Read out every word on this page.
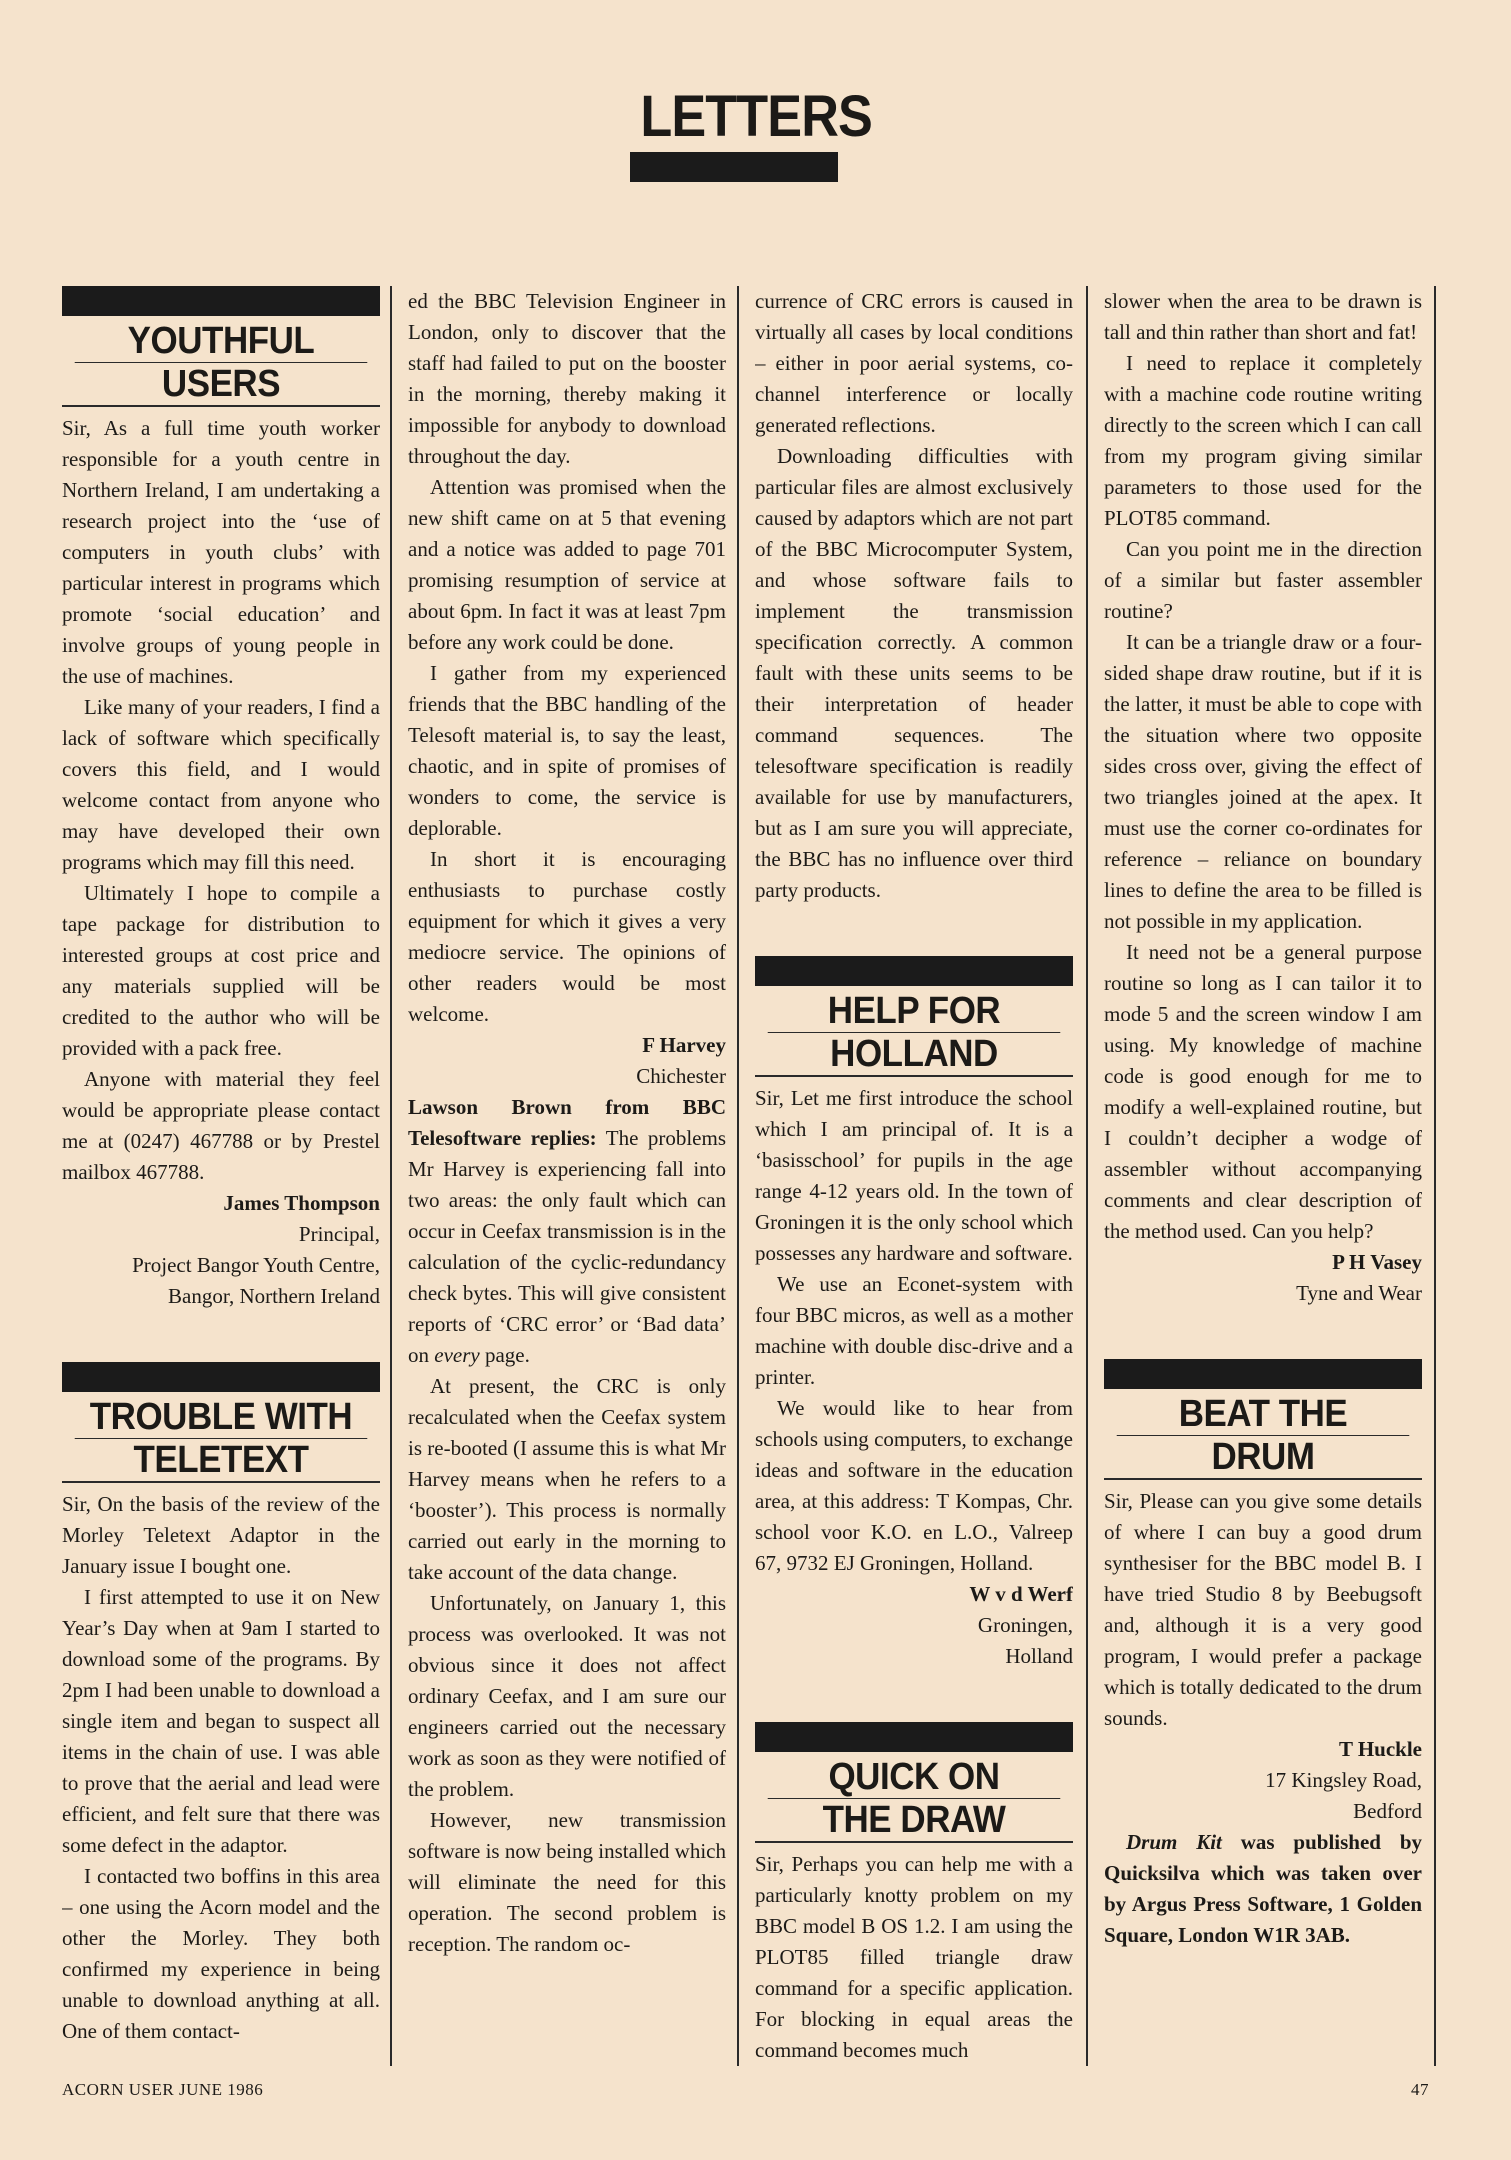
LETTERS
YOUTHFUL
USERS

Sir, As a full time youth worker responsible for a youth centre in Northern Ireland, I am undertaking a research project into the ‘use of computers in youth clubs’ with particular interest in programs which promote ‘social education’ and involve groups of young people in the use of machines.

Like many of your readers, I find a lack of software which specifically covers this field, and I would welcome contact from anyone who may have developed their own programs which may fill this need.

Ultimately I hope to compile a tape package for distribution to interested groups at cost price and any materials supplied will be credited to the author who will be provided with a pack free.

Anyone with material they feel would be appropriate please contact me at (0247) 467788 or by Prestel mailbox 467788.

James Thompson

Principal,

Project Bangor Youth Centre,

Bangor, Northern Ireland

TROUBLE WITH
TELETEXT

Sir, On the basis of the review of the Morley Teletext Adaptor in the January issue I bought one.

I first attempted to use it on New Year’s Day when at 9am I started to download some of the programs. By 2pm I had been unable to download a single item and began to suspect all items in the chain of use. I was able to prove that the aerial and lead were efficient, and felt sure that there was some defect in the adaptor.

I contacted two boffins in this area – one using the Acorn model and the other the Morley. They both confirmed my experience in being unable to download anything at all. One of them contact-

ed the BBC Television Engineer in London, only to discover that the staff had failed to put on the booster in the morning, thereby making it impossible for anybody to download throughout the day.

Attention was promised when the new shift came on at 5 that evening and a notice was added to page 701 promising resumption of service at about 6pm. In fact it was at least 7pm before any work could be done.

I gather from my experienced friends that the BBC handling of the Telesoft material is, to say the least, chaotic, and in spite of promises of wonders to come, the service is deplorable.

In short it is encouraging enthusiasts to purchase costly equipment for which it gives a very mediocre service. The opinions of other readers would be most welcome.

F Harvey

Chichester

Lawson Brown from BBC Telesoftware replies: The problems Mr Harvey is experiencing fall into two areas: the only fault which can occur in Ceefax transmission is in the calculation of the cyclic-redundancy check bytes. This will give consistent reports of ‘CRC error’ or ‘Bad data’ on every page.

At present, the CRC is only recalculated when the Ceefax system is re-booted (I assume this is what Mr Harvey means when he refers to a ‘booster’). This process is normally carried out early in the morning to take account of the data change.

Unfortunately, on January 1, this process was overlooked. It was not obvious since it does not affect ordinary Ceefax, and I am sure our engineers carried out the necessary work as soon as they were notified of the problem.

However, new transmission software is now being installed which will eliminate the need for this operation. The second problem is reception. The random oc-

currence of CRC errors is caused in virtually all cases by local conditions – either in poor aerial systems, co-channel interference or locally generated reflections.

Downloading difficulties with particular files are almost exclusively caused by adaptors which are not part of the BBC Microcomputer System, and whose software fails to implement the transmission specification correctly. A common fault with these units seems to be their interpretation of header command sequences. The telesoftware specification is readily available for use by manufacturers, but as I am sure you will appreciate, the BBC has no influence over third party products.

HELP FOR
HOLLAND

Sir, Let me first introduce the school which I am principal of. It is a ‘basisschool’ for pupils in the age range 4-12 years old. In the town of Groningen it is the only school which possesses any hardware and software.

We use an Econet-system with four BBC micros, as well as a mother machine with double disc-drive and a printer.

We would like to hear from schools using computers, to exchange ideas and software in the education area, at this address: T Kompas, Chr. school voor K.O. en L.O., Valreep 67, 9732 EJ Groningen, Holland.

W v d Werf

Groningen,

Holland

QUICK ON
THE DRAW

Sir, Perhaps you can help me with a particularly knotty problem on my BBC model B OS 1.2. I am using the PLOT85 filled triangle draw command for a specific application. For blocking in equal areas the command becomes much

slower when the area to be drawn is tall and thin rather than short and fat!

I need to replace it completely with a machine code routine writing directly to the screen which I can call from my program giving similar parameters to those used for the PLOT85 command.

Can you point me in the direction of a similar but faster assembler routine?

It can be a triangle draw or a four-sided shape draw routine, but if it is the latter, it must be able to cope with the situation where two opposite sides cross over, giving the effect of two triangles joined at the apex. It must use the corner co-ordinates for reference – reliance on boundary lines to define the area to be filled is not possible in my application.

It need not be a general purpose routine so long as I can tailor it to mode 5 and the screen window I am using. My knowledge of machine code is good enough for me to modify a well-explained routine, but I couldn’t decipher a wodge of assembler without accompanying comments and clear description of the method used. Can you help?

P H Vasey

Tyne and Wear

BEAT THE
DRUM

Sir, Please can you give some details of where I can buy a good drum synthesiser for the BBC model B. I have tried Studio 8 by Beebugsoft and, although it is a very good program, I would prefer a package which is totally dedicated to the drum sounds.

T Huckle

17 Kingsley Road,

Bedford

Drum Kit was published by Quicksilva which was taken over by Argus Press Software, 1 Golden Square, London W1R 3AB.

ACORN USER JUNE 1986	47
